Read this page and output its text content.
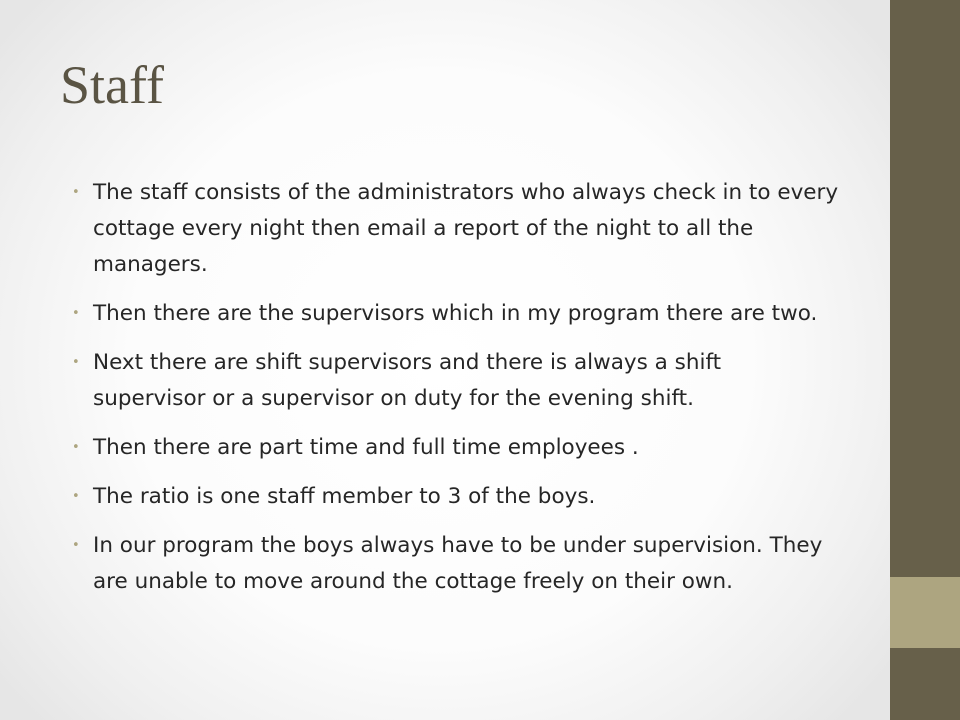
Staff
• The staff consists of the administrators who always check in to every cottage every night then email a report of the night to all the managers.
• Then there are the supervisors which in my program there are two.
• Next there are shift supervisors and there is always a shift supervisor or a supervisor on duty for the evening shift.
• Then there are part time and full time employees .
• The ratio is one staff member to 3 of the boys.
• In our program the boys always have to be under supervision. They are unable to move around the cottage freely on their own.
